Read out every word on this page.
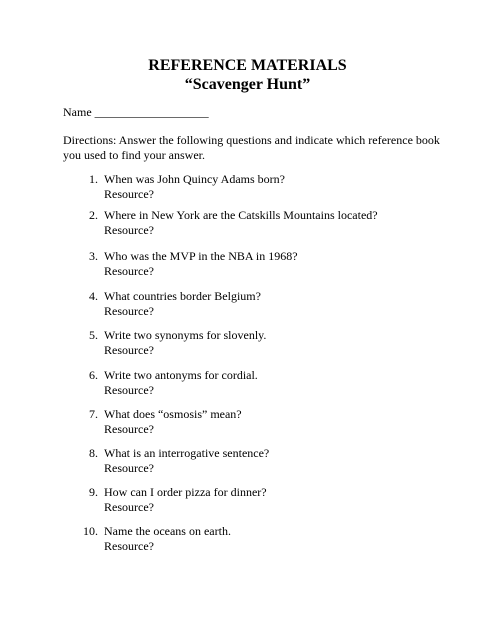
REFERENCE MATERIALS
“Scavenger Hunt”
Name ___________________
Directions: Answer the following questions and indicate which reference book you used to find your answer.
1. When was John Quincy Adams born?
Resource?
2. Where in New York are the Catskills Mountains located?
Resource?
3. Who was the MVP in the NBA in 1968?
Resource?
4. What countries border Belgium?
Resource?
5. Write two synonyms for slovenly.
Resource?
6. Write two antonyms for cordial.
Resource?
7. What does “osmosis” mean?
Resource?
8. What is an interrogative sentence?
Resource?
9. How can I order pizza for dinner?
Resource?
10. Name the oceans on earth.
Resource?
